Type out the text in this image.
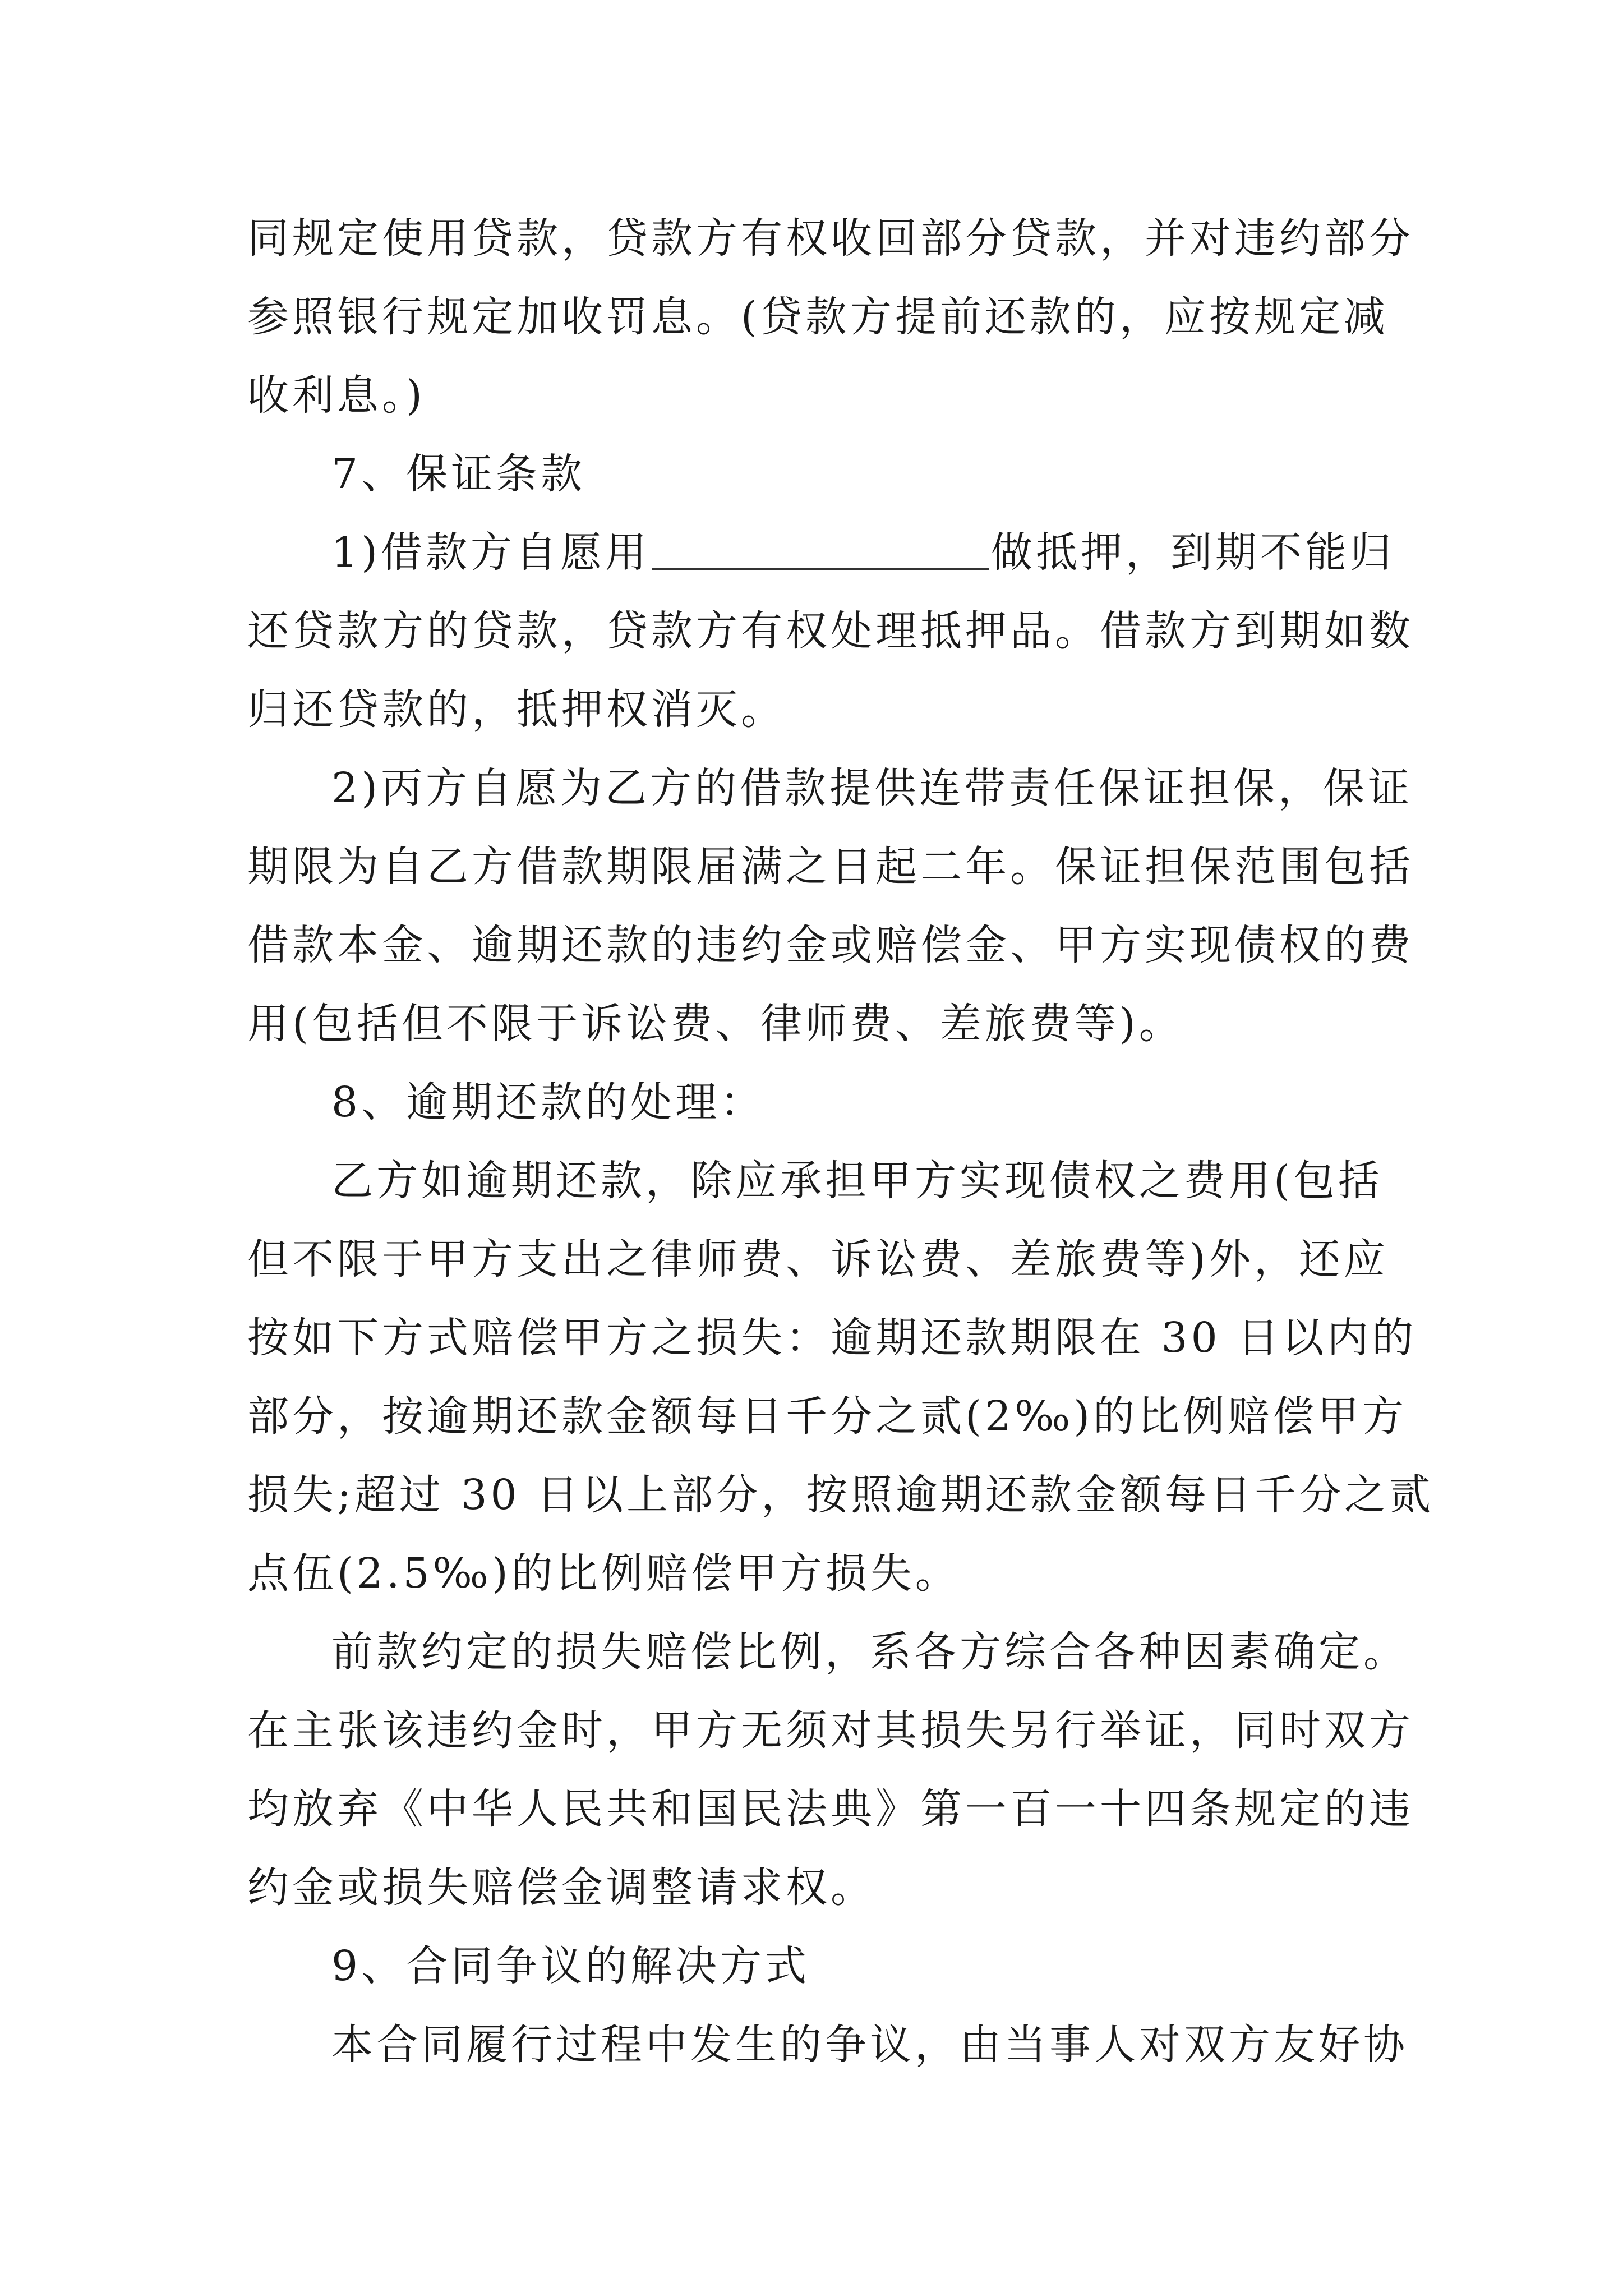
同规定使用贷款，贷款方有权收回部分贷款，并对违约部分
参照银行规定加收罚息。(贷款方提前还款的，应按规定减
收利息。)
7、保证条款
1)借款方自愿用	做抵押，到期不能归
还贷款方的贷款，贷款方有权处理抵押品。借款方到期如数
归还贷款的，抵押权消灭。
2)丙方自愿为乙方的借款提供连带责任保证担保，保证
期限为自乙方借款期限届满之日起二年。保证担保范围包括
借款本金、逾期还款的违约金或赔偿金、甲方实现债权的费
用(包括但不限于诉讼费、律师费、差旅费等)。
8、逾期还款的处理：
乙方如逾期还款，除应承担甲方实现债权之费用(包括
但不限于甲方支出之律师费、诉讼费、差旅费等)外，还应
按如下方式赔偿甲方之损失：逾期还款期限在 30 日以内的
部分，按逾期还款金额每日千分之贰(2‰)的比例赔偿甲方
损失;超过 30 日以上部分，按照逾期还款金额每日千分之贰
点伍(2.5‰)的比例赔偿甲方损失。
前款约定的损失赔偿比例，系各方综合各种因素确定。
在主张该违约金时，甲方无须对其损失另行举证，同时双方
均放弃《中华人民共和国民法典》第一百一十四条规定的违
约金或损失赔偿金调整请求权。
9、合同争议的解决方式
本合同履行过程中发生的争议，由当事人对双方友好协
